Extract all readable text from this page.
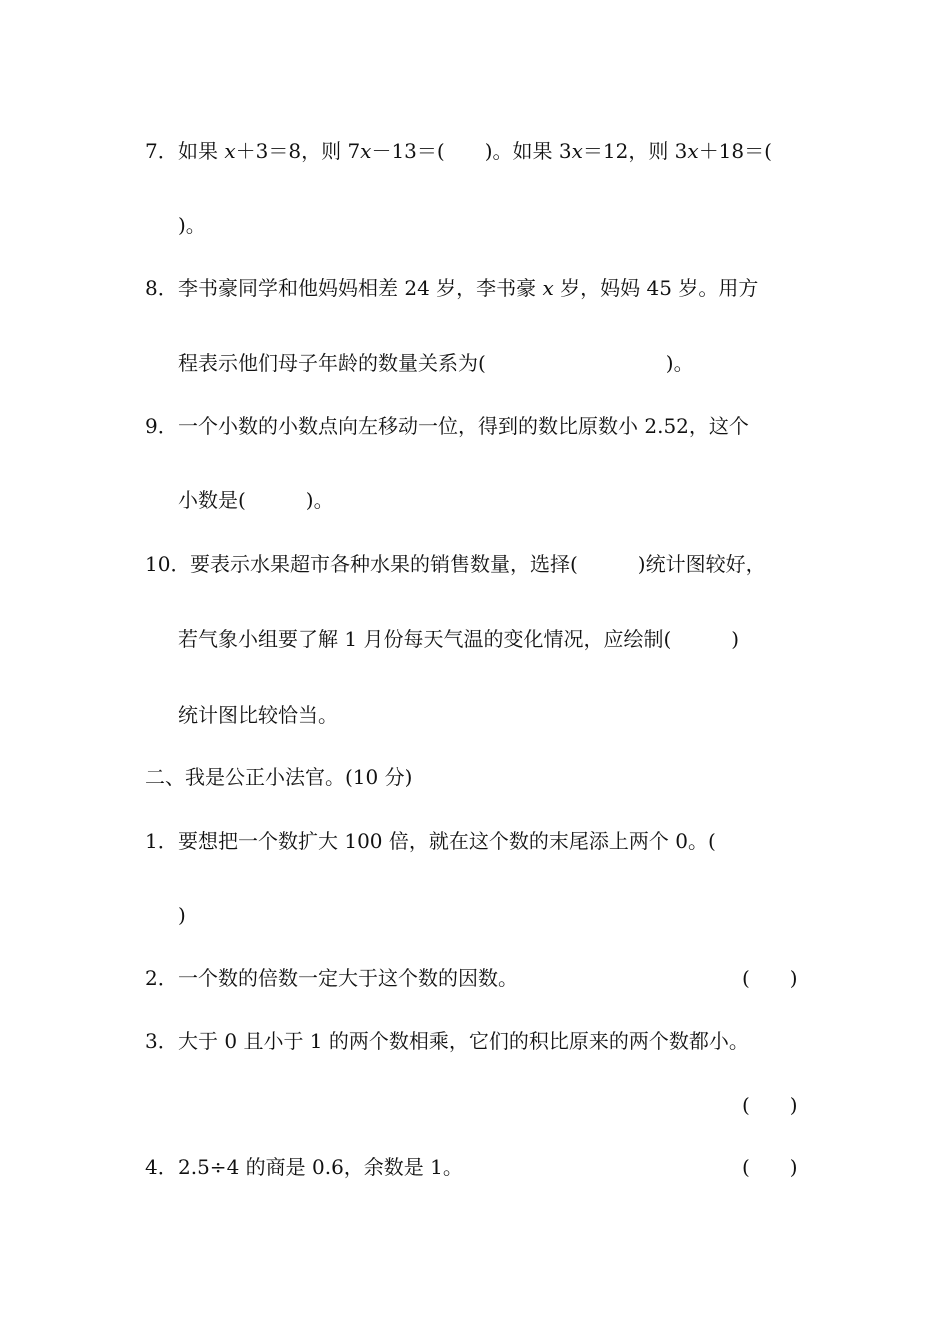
7． 如果 x＋3＝8，则 7x－13＝(　　)。如果 3x＝12，则 3x＋18＝(
)。
8． 李书豪同学和他妈妈相差 24 岁，李书豪 x 岁，妈妈 45 岁。用方
程表示他们母子年龄的数量关系为(　　　　　　　　　)。
9． 一个小数的小数点向左移动一位，得到的数比原数小 2.52，这个
小数是(　　　)。
10． 要表示水果超市各种水果的销售数量，选择(　　　)统计图较好，
若气象小组要了解 1 月份每天气温的变化情况，应绘制(　　　)
统计图比较恰当。
二、我是公正小法官。(10 分)
1． 要想把一个数扩大 100 倍，就在这个数的末尾添上两个 0。(
)
2． 一个数的倍数一定大于这个数的因数。	(　　)
3． 大于 0 且小于 1 的两个数相乘，它们的积比原来的两个数都小。
(　　)
4． 2.5÷4 的商是 0.6，余数是 1。	(　　)
